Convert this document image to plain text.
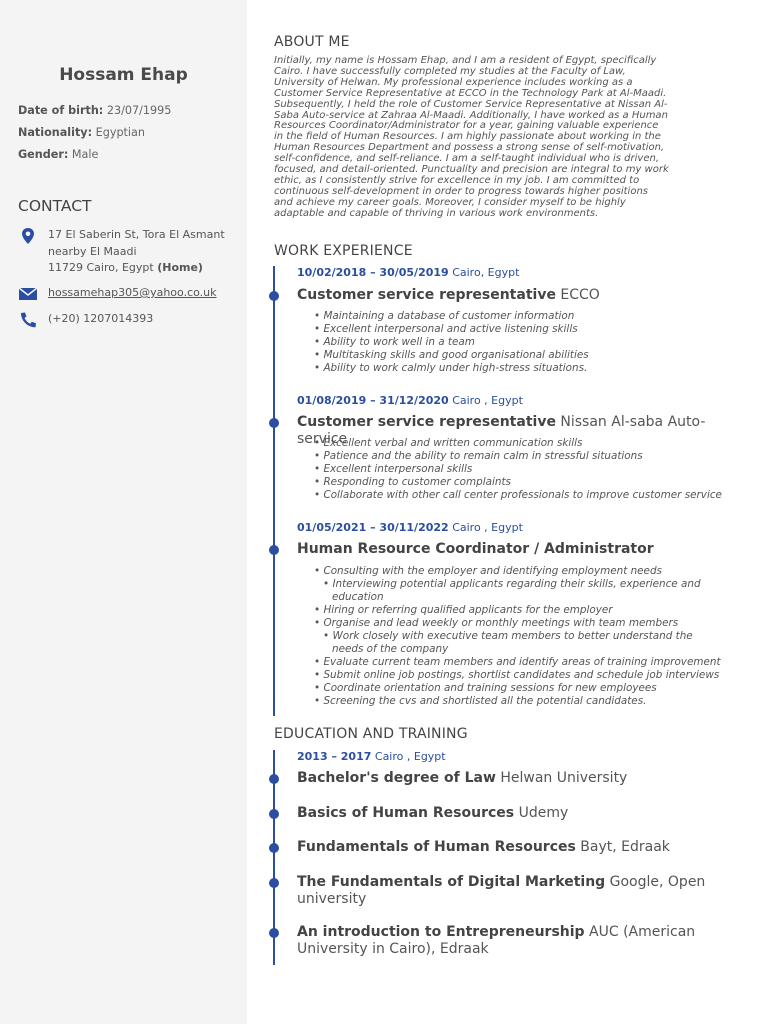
Hossam Ehap
Date of birth: 23/07/1995
Nationality: Egyptian
Gender: Male
CONTACT
17 El Saberin St, Tora El Asmant
nearby El Maadi
11729 Cairo, Egypt (Home)
hossamehap305@yahoo.co.uk
(+20) 1207014393
ABOUT ME
Initially, my name is Hossam Ehap, and I am a resident of Egypt, specifically Cairo. I have successfully completed my studies at the Faculty of Law, University of Helwan. My professional experience includes working as a Customer Service Representative at ECCO in the Technology Park at Al-Maadi. Subsequently, I held the role of Customer Service Representative at Nissan Al-Saba Auto-service at Zahraa Al-Maadi. Additionally, I have worked as a Human Resources Coordinator/Administrator for a year, gaining valuable experience in the field of Human Resources. I am highly passionate about working in the Human Resources Department and possess a strong sense of self-motivation, self-confidence, and self-reliance. I am a self-taught individual who is driven, focused, and detail-oriented. Punctuality and precision are integral to my work ethic, as I consistently strive for excellence in my job. I am committed to continuous self-development in order to progress towards higher positions and achieve my career goals. Moreover, I consider myself to be highly adaptable and capable of thriving in various work environments.
WORK EXPERIENCE
10/02/2018 – 30/05/2019 Cairo, Egypt
Customer service representative ECCO
• Maintaining a database of customer information
• Excellent interpersonal and active listening skills
• Ability to work well in a team
• Multitasking skills and good organisational abilities
• Ability to work calmly under high-stress situations.
01/08/2019 – 31/12/2020 Cairo , Egypt
Customer service representative Nissan Al-saba Auto-service
• Excellent verbal and written communication skills
• Patience and the ability to remain calm in stressful situations
• Excellent interpersonal skills
• Responding to customer complaints
• Collaborate with other call center professionals to improve customer service
01/05/2021 – 30/11/2022 Cairo , Egypt
Human Resource Coordinator / Administrator
• Consulting with the employer and identifying employment needs
• Interviewing potential applicants regarding their skills, experience and education
• Hiring or referring qualified applicants for the employer
• Organise and lead weekly or monthly meetings with team members
• Work closely with executive team members to better understand the needs of the company
• Evaluate current team members and identify areas of training improvement
• Submit online job postings, shortlist candidates and schedule job interviews
• Coordinate orientation and training sessions for new employees
• Screening the cvs and shortlisted all the potential candidates.
EDUCATION AND TRAINING
2013 – 2017 Cairo , Egypt
Bachelor's degree of Law Helwan University
Basics of Human Resources Udemy
Fundamentals of Human Resources Bayt, Edraak
The Fundamentals of Digital Marketing Google, Open university
An introduction to Entrepreneurship AUC (American University in Cairo), Edraak
